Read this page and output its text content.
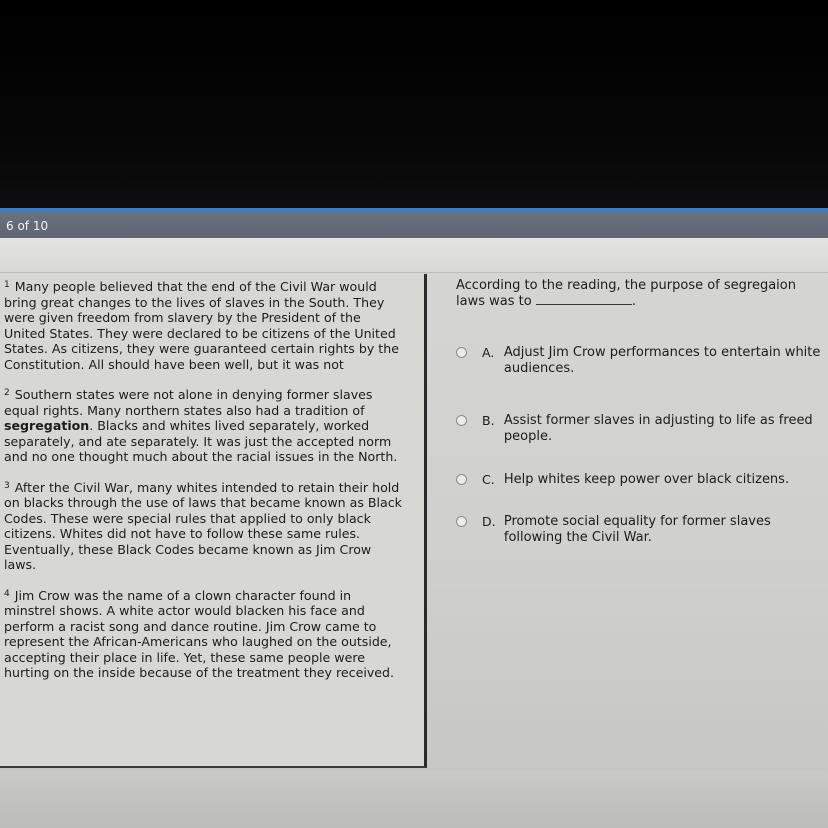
6 of 10

$^1$ Many people believed that the end of the Civil War would bring great changes to the lives of slaves in the South. They were given freedom from slavery by the President of the United States. They were declared to be citizens of the United States. As citizens, they were guaranteed certain rights by the Constitution. All should have been well, but it was not

$^2$ Southern states were not alone in denying former slaves equal rights. Many northern states also had a tradition of segregation. Blacks and whites lived separately, worked separately, and ate separately. It was just the accepted norm and no one thought much about the racial issues in the North.

$^3$ After the Civil War, many whites intended to retain their hold on blacks through the use of laws that became known as Black Codes. These were special rules that applied to only black citizens. Whites did not have to follow these same rules. Eventually, these Black Codes became known as Jim Crow laws.

$^4$ Jim Crow was the name of a clown character found in minstrel shows. A white actor would blacken his face and perform a racist song and dance routine. Jim Crow came to represent the African-Americans who laughed on the outside, accepting their place in life. Yet, these same people were hurting on the inside because of the treatment they received.

According to the reading, the purpose of segregaion laws was to	.
A. Adjust Jim Crow performances to entertain white audiences.
B. Assist former slaves in adjusting to life as freed people.
C. Help whites keep power over black citizens.
D. Promote social equality for former slaves following the Civil War.
